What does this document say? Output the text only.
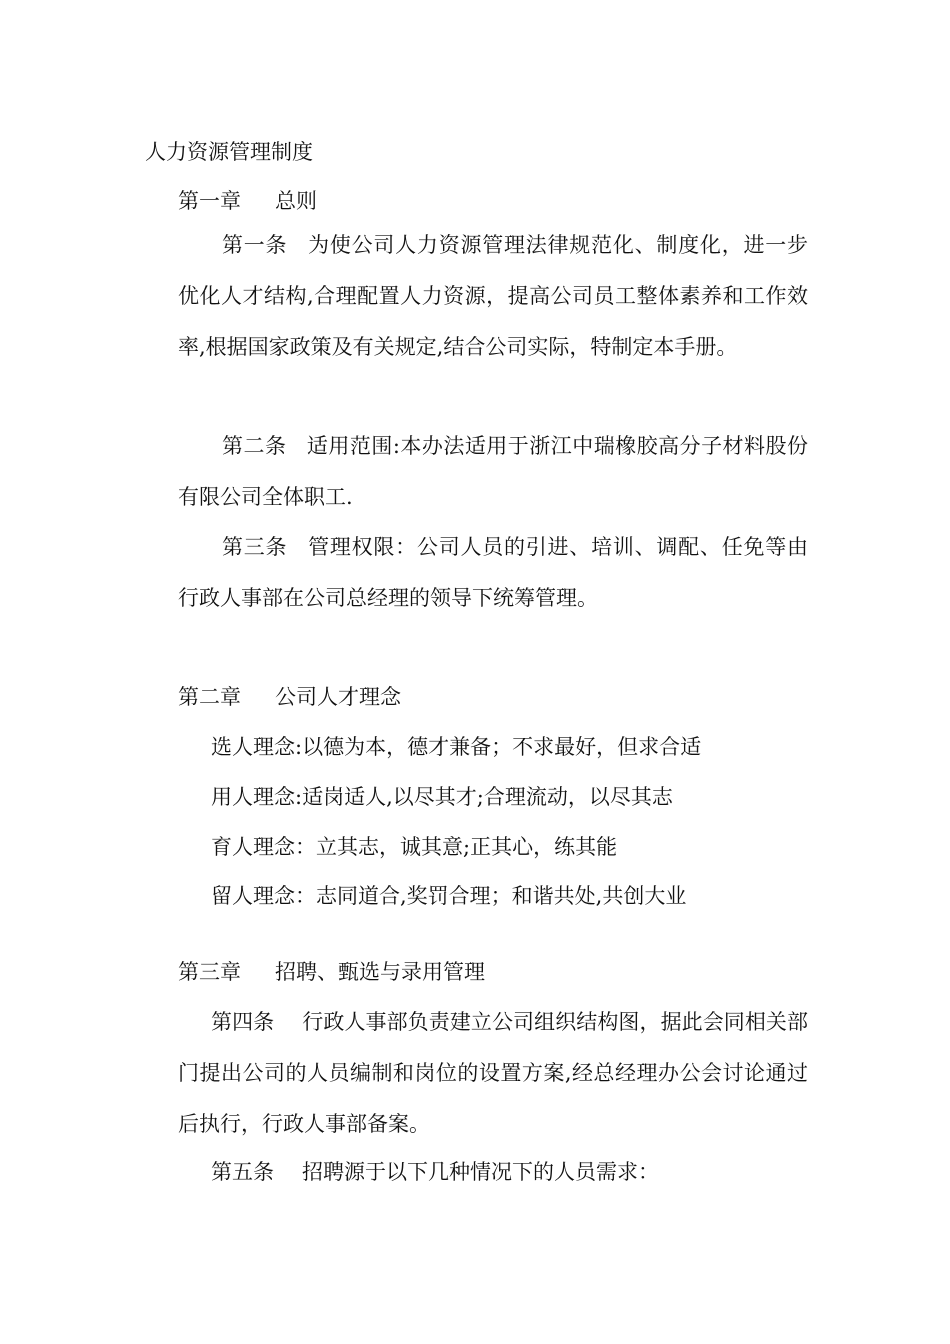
人力资源管理制度
第一章 总则
第一条 为使公司人力资源管理法律规范化、制度化，进一步优化人才结构,合理配置人力资源，提高公司员工整体素养和工作效率,根据国家政策及有关规定,结合公司实际，特制定本手册。
第二条 适用范围:本办法适用于浙江中瑞橡胶高分子材料股份有限公司全体职工.
第三条 管理权限：公司人员的引进、培训、调配、任免等由行政人事部在公司总经理的领导下统筹管理。
第二章 公司人才理念
选人理念:以德为本，德才兼备；不求最好，但求合适
用人理念:适岗适人,以尽其才;合理流动，以尽其志
育人理念：立其志，诚其意;正其心，练其能
留人理念：志同道合,奖罚合理；和谐共处,共创大业
第三章 招聘、甄选与录用管理
第四条 行政人事部负责建立公司组织结构图，据此会同相关部门提出公司的人员编制和岗位的设置方案,经总经理办公会讨论通过后执行，行政人事部备案。
第五条 招聘源于以下几种情况下的人员需求：
